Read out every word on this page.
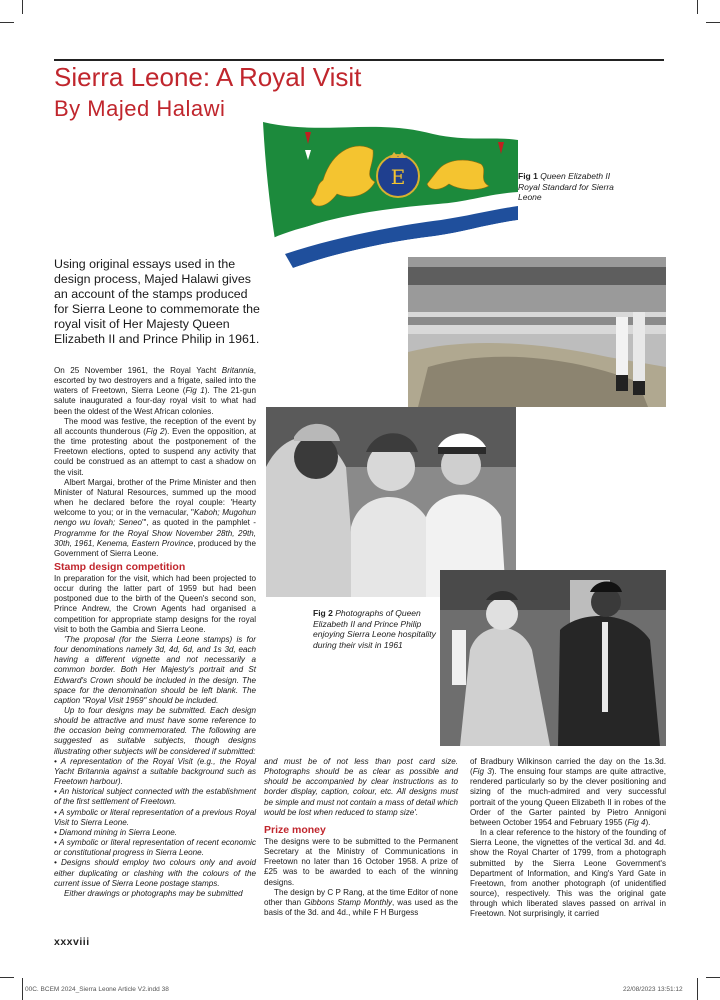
Sierra Leone: A Royal Visit
By Majed Halawi
E	Fig 1 Queen Elizabeth II Royal Standard for Sierra Leone

Using original essays used in the design process, Majed Halawi gives an account of the stamps produced for Sierra Leone to commemorate the royal visit of Her Majesty Queen Elizabeth II and Prince Philip in 1961.

Fig 2 Photographs of Queen Elizabeth II and Prince Philip enjoying Sierra Leone hospitality during their visit in 1961

On 25 November 1961, the Royal Yacht Britannia, escorted by two destroyers and a frigate, sailed into the waters of Freetown, Sierra Leone (Fig 1). The 21-gun salute inaugurated a four-day royal visit to what had been the oldest of the West African colonies.

The mood was festive, the reception of the event by all accounts thunderous (Fig 2). Even the opposition, at the time protesting about the postponement of the Freetown elections, opted to suspend any activity that could be construed as an attempt to cast a shadow on the visit.

Albert Margai, brother of the Prime Minister and then Minister of Natural Resources, summed up the mood when he declared before the royal couple: 'Hearty welcome to you; or in the vernacular, "Kaboh; Mugohun nengo wu lovah; Seneo"', as quoted in the pamphlet - Programme for the Royal Show November 28th, 29th, 30th, 1961, Kenema, Eastern Province, produced by the Government of Sierra Leone.

Stamp design competition

In preparation for the visit, which had been projected to occur during the latter part of 1959 but had been postponed due to the birth of the Queen's second son, Prince Andrew, the Crown Agents had organised a competition for appropriate stamp designs for the royal visit to both the Gambia and Sierra Leone.

'The proposal (for the Sierra Leone stamps) is for four denominations namely 3d, 4d, 6d, and 1s 3d, each having a different vignette and not necessarily a common border. Both Her Majesty's portrait and St Edward's Crown should be included in the design. The space for the denomination should be left blank. The caption "Royal Visit 1959" should be included.

Up to four designs may be submitted. Each design should be attractive and must have some reference to the occasion being commemorated. The following are suggested as suitable subjects, though designs illustrating other subjects will be considered if submitted:

• A representation of the Royal Visit (e.g., the Royal Yacht Britannia against a suitable background such as Freetown harbour).

• An historical subject connected with the establishment of the first settlement of Freetown.

• A symbolic or literal representation of a previous Royal Visit to Sierra Leone.

• Diamond mining in Sierra Leone.

• A symbolic or literal representation of recent economic or constitutional progress in Sierra Leone.

• Designs should employ two colours only and avoid either duplicating or clashing with the colours of the current issue of Sierra Leone postage stamps.

Either drawings or photographs may be submitted

and must be of not less than post card size. Photographs should be as clear as possible and should be accompanied by clear instructions as to border display, caption, colour, etc. All designs must be simple and must not contain a mass of detail which would be lost when reduced to stamp size'.

Prize money

The designs were to be submitted to the Permanent Secretary at the Ministry of Communications in Freetown no later than 16 October 1958. A prize of £25 was to be awarded to each of the winning designs.

The design by C P Rang, at the time Editor of none other than Gibbons Stamp Monthly, was used as the basis of the 3d. and 4d., while F H Burgess

of Bradbury Wilkinson carried the day on the 1s.3d. (Fig 3). The ensuing four stamps are quite attractive, rendered particularly so by the clever positioning and sizing of the much-admired and very successful portrait of the young Queen Elizabeth II in robes of the Order of the Garter painted by Pietro Annigoni between October 1954 and February 1955 (Fig 4).

In a clear reference to the history of the founding of Sierra Leone, the vignettes of the vertical 3d. and 4d. show the Royal Charter of 1799, from a photograph submitted by the Sierra Leone Government's Department of Information, and King's Yard Gate in Freetown, from another photograph (of unidentified source), respectively. This was the original gate through which liberated slaves passed on arrival in Freetown. Not surprisingly, it carried

xxxviii
00C. BCEM 2024_Sierra Leone Article V2.indd 38	22/08/2023 13:51:12
